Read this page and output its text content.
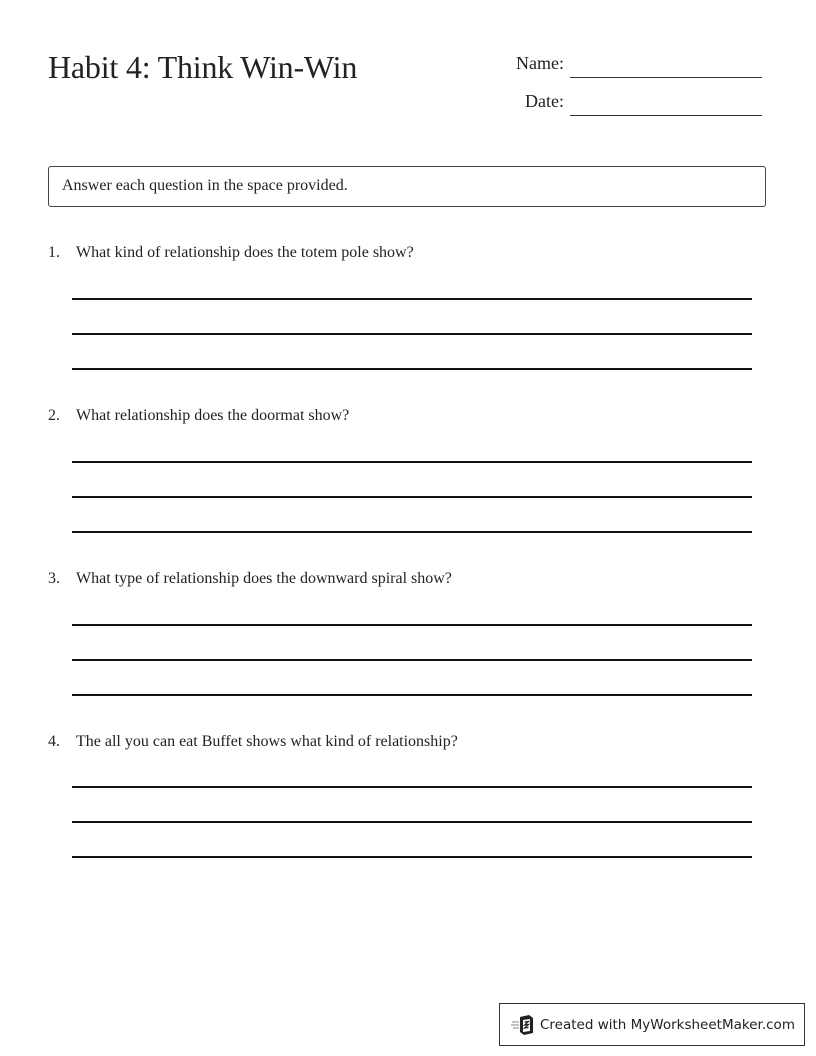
Habit 4: Think Win-Win	Name:
Date:
Answer each question in the space provided.
1. What kind of relationship does the totem pole show?
2. What relationship does the doormat show?
3. What type of relationship does the downward spiral show?
4. The all you can eat Buffet shows what kind of relationship?
Created with MyWorksheetMaker.com
